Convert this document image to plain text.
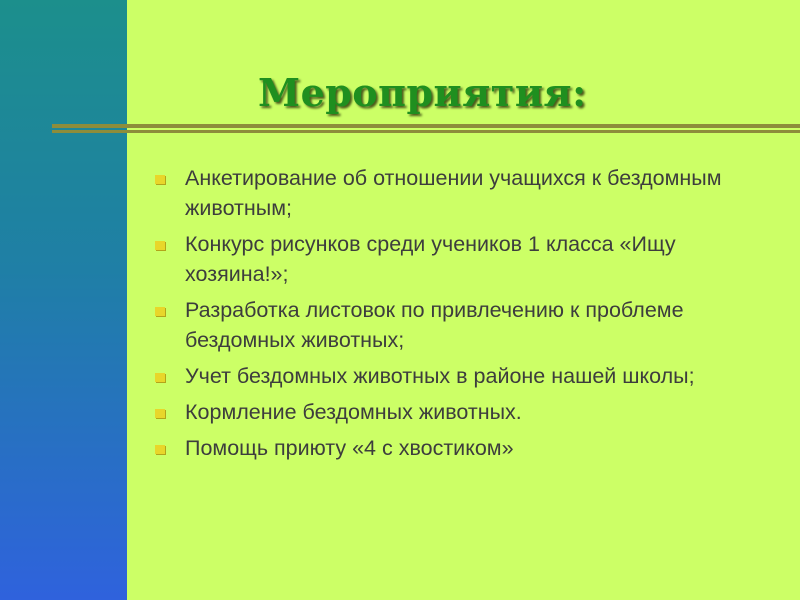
Мероприятия:
Анкетирование об отношении учащихся к бездомным животным;
Конкурс рисунков среди учеников 1 класса «Ищу хозяина!»;
Разработка листовок по привлечению к проблеме бездомных животных;
Учет бездомных животных в районе нашей школы;
Кормление бездомных животных.
Помощь приюту «4 с хвостиком»
